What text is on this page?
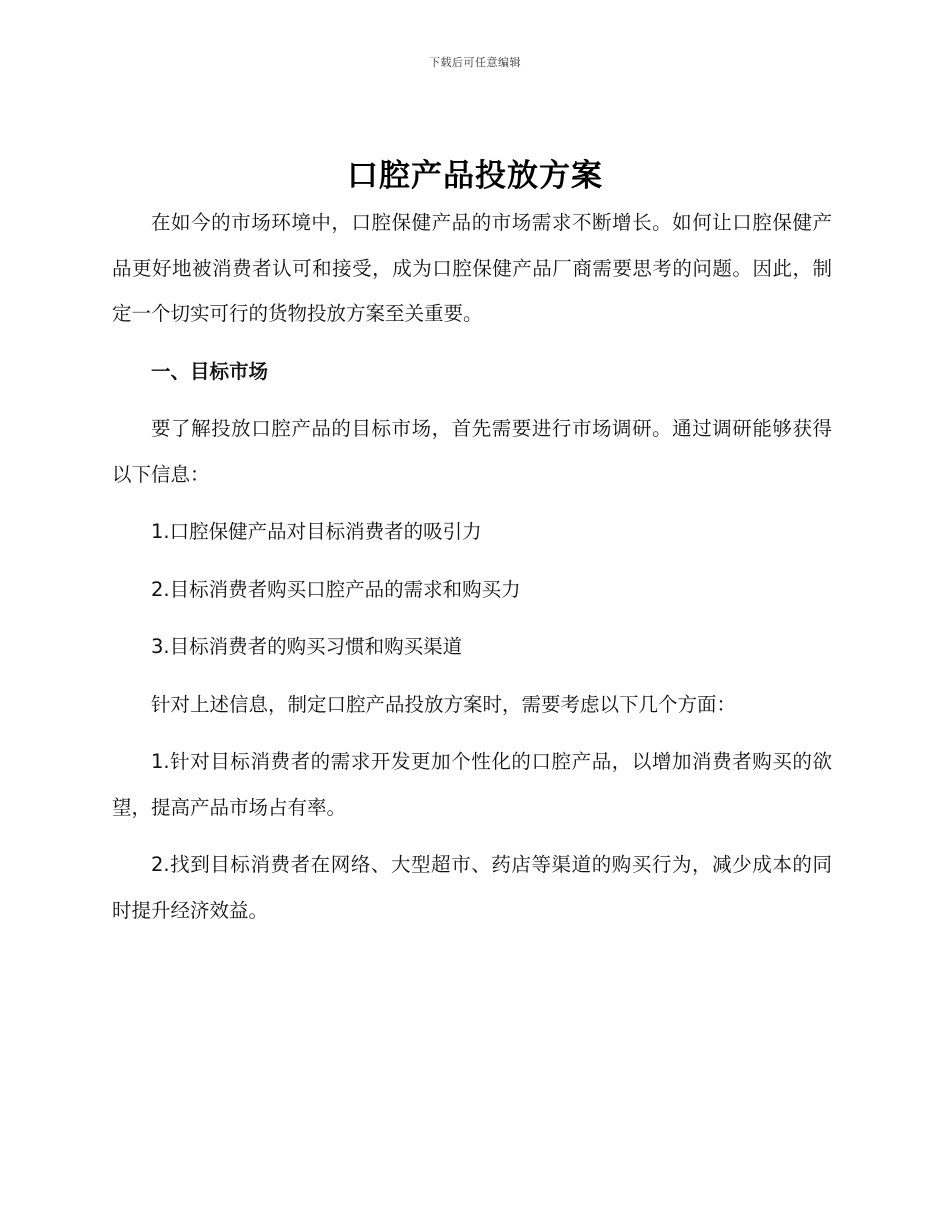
下载后可任意编辑
口腔产品投放方案

在如今的市场环境中，口腔保健产品的市场需求不断增长。如何让口腔保健产品更好地被消费者认可和接受，成为口腔保健产品厂商需要思考的问题。因此，制定一个切实可行的货物投放方案至关重要。

一、目标市场

要了解投放口腔产品的目标市场，首先需要进行市场调研。通过调研能够获得以下信息：

1.口腔保健产品对目标消费者的吸引力

2.目标消费者购买口腔产品的需求和购买力

3.目标消费者的购买习惯和购买渠道

针对上述信息，制定口腔产品投放方案时，需要考虑以下几个方面：

1.针对目标消费者的需求开发更加个性化的口腔产品，以增加消费者购买的欲望，提高产品市场占有率。

2.找到目标消费者在网络、大型超市、药店等渠道的购买行为，减少成本的同时提升经济效益。
